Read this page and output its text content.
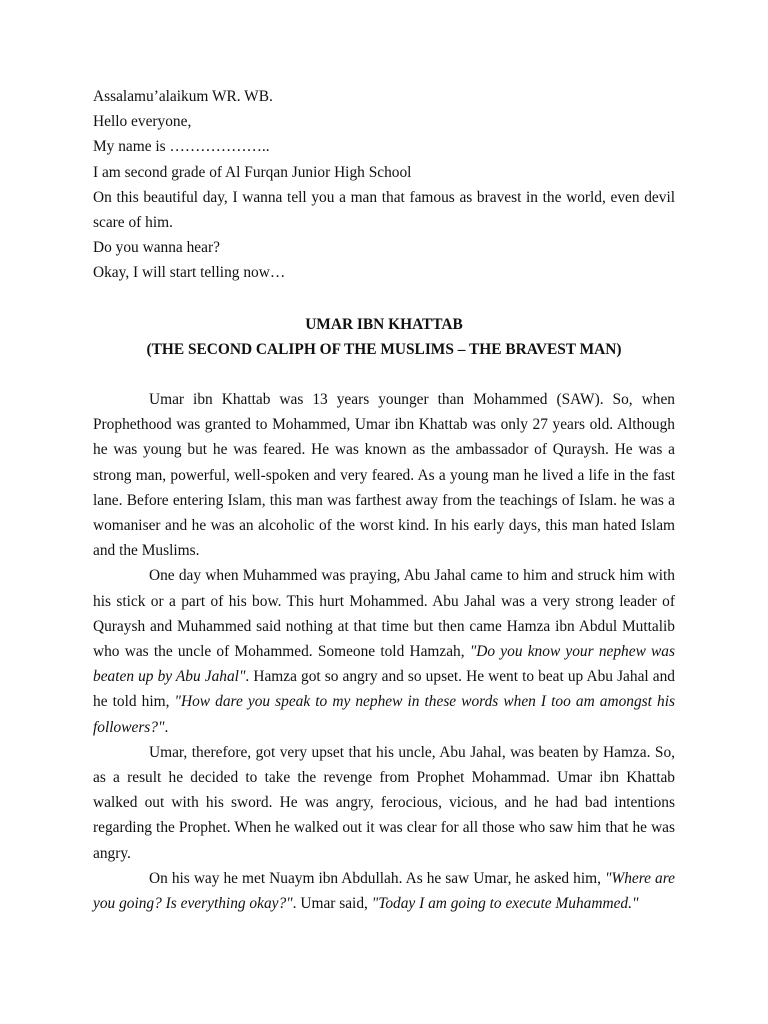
Assalamu’alaikum WR. WB.

Hello everyone,

My name is ………………..

I am second grade of Al Furqan Junior High School

On this beautiful day, I wanna tell you a man that famous as bravest in the world, even devil scare of him.

Do you wanna hear?

Okay, I will start telling now…

UMAR IBN KHATTAB

(THE SECOND CALIPH OF THE MUSLIMS – THE BRAVEST MAN)

Umar ibn Khattab was 13 years younger than Mohammed (SAW). So, when Prophethood was granted to Mohammed, Umar ibn Khattab was only 27 years old. Although he was young but he was feared. He was known as the ambassador of Quraysh. He was a strong man, powerful, well-spoken and very feared. As a young man he lived a life in the fast lane. Before entering Islam, this man was farthest away from the teachings of Islam. he was a womaniser and he was an alcoholic of the worst kind. In his early days, this man hated Islam and the Muslims.

One day when Muhammed was praying, Abu Jahal came to him and struck him with his stick or a part of his bow. This hurt Mohammed. Abu Jahal was a very strong leader of Quraysh and Muhammed said nothing at that time but then came Hamza ibn Abdul Muttalib who was the uncle of Mohammed. Someone told Hamzah, "Do you know your nephew was beaten up by Abu Jahal". Hamza got so angry and so upset. He went to beat up Abu Jahal and he told him, "How dare you speak to my nephew in these words when I too am amongst his followers?".

Umar, therefore, got very upset that his uncle, Abu Jahal, was beaten by Hamza. So, as a result he decided to take the revenge from Prophet Mohammad. Umar ibn Khattab walked out with his sword. He was angry, ferocious, vicious, and he had bad intentions regarding the Prophet. When he walked out it was clear for all those who saw him that he was angry.

On his way he met Nuaym ibn Abdullah. As he saw Umar, he asked him, "Where are you going? Is everything okay?". Umar said, "Today I am going to execute Muhammed."
